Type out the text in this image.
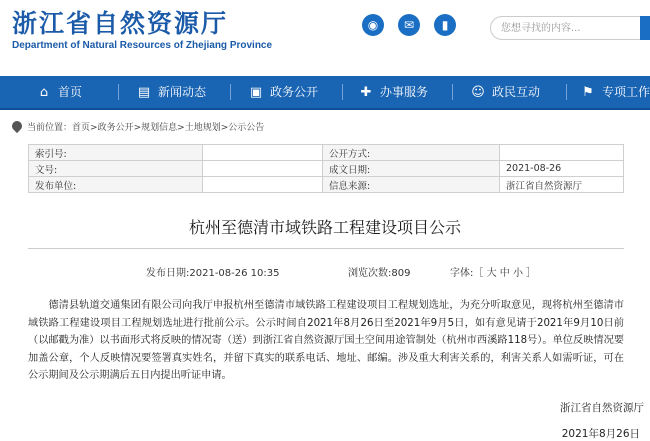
浙江省自然资源厅
Department of Natural Resources of Zhejiang Province
◉	✉	▮
您想寻找的内容...
⌂ 首页	▤ 新闻动态	▣ 政务公开	✚ 办事服务	☺ 政民互动	⚑ 专项工作
当前位置：首页>政务公开>规划信息>土地规划>公示公告
索引号:		公开方式:	
文号:		成文日期:	2021-08-26
发布单位:		信息来源:	浙江省自然资源厅
杭州至德清市域铁路工程建设项目公示
发布日期:2021-08-26 10:35	浏览次数:809	字体:［ 大 中 小 ］
德清县轨道交通集团有限公司向我厅申报杭州至德清市域铁路工程建设项目工程规划选址，为充分听取意见，现将杭州至德清市域铁路工程建设项目工程规划选址进行批前公示。公示时间自2021年8月26日至2021年9月5日，如有意见请于2021年9月10日前（以邮戳为准）以书面形式将反映的情况寄（送）到浙江省自然资源厅国土空间用途管制处（杭州市西溪路118号）。单位反映情况要加盖公章，个人反映情况要签署真实姓名，并留下真实的联系电话、地址、邮编。涉及重大利害关系的，利害关系人如需听证，可在公示期间及公示期满后五日内提出听证申请。
浙江省自然资源厅
2021年8月26日
